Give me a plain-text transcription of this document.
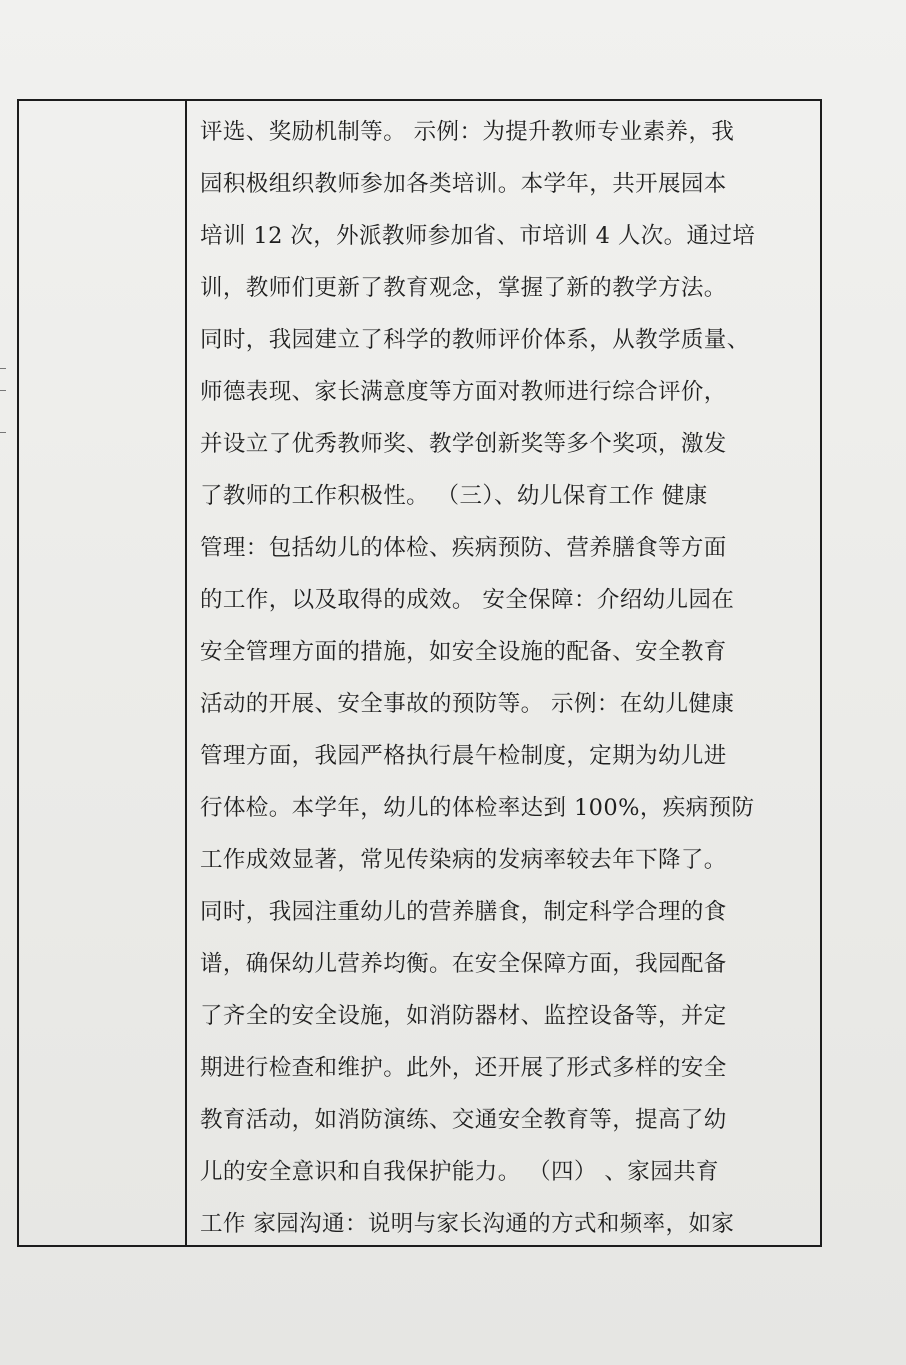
评选、奖励机制等。 示例：为提升教师专业素养，我
园积极组织教师参加各类培训。本学年，共开展园本
培训 12 次，外派教师参加省、市培训 4 人次。通过培
训，教师们更新了教育观念，掌握了新的教学方法。
同时，我园建立了科学的教师评价体系，从教学质量、
师德表现、家长满意度等方面对教师进行综合评价，
并设立了优秀教师奖、教学创新奖等多个奖项，激发
了教师的工作积极性。 （三）、幼儿保育工作 健康
管理：包括幼儿的体检、疾病预防、营养膳食等方面
的工作，以及取得的成效。 安全保障：介绍幼儿园在
安全管理方面的措施，如安全设施的配备、安全教育
活动的开展、安全事故的预防等。 示例：在幼儿健康
管理方面，我园严格执行晨午检制度，定期为幼儿进
行体检。本学年，幼儿的体检率达到 100%，疾病预防
工作成效显著，常见传染病的发病率较去年下降了。
同时，我园注重幼儿的营养膳食，制定科学合理的食
谱，确保幼儿营养均衡。在安全保障方面，我园配备
了齐全的安全设施，如消防器材、监控设备等，并定
期进行检查和维护。此外，还开展了形式多样的安全
教育活动，如消防演练、交通安全教育等，提高了幼
儿的安全意识和自我保护能力。 （四） 、家园共育
工作 家园沟通：说明与家长沟通的方式和频率，如家
